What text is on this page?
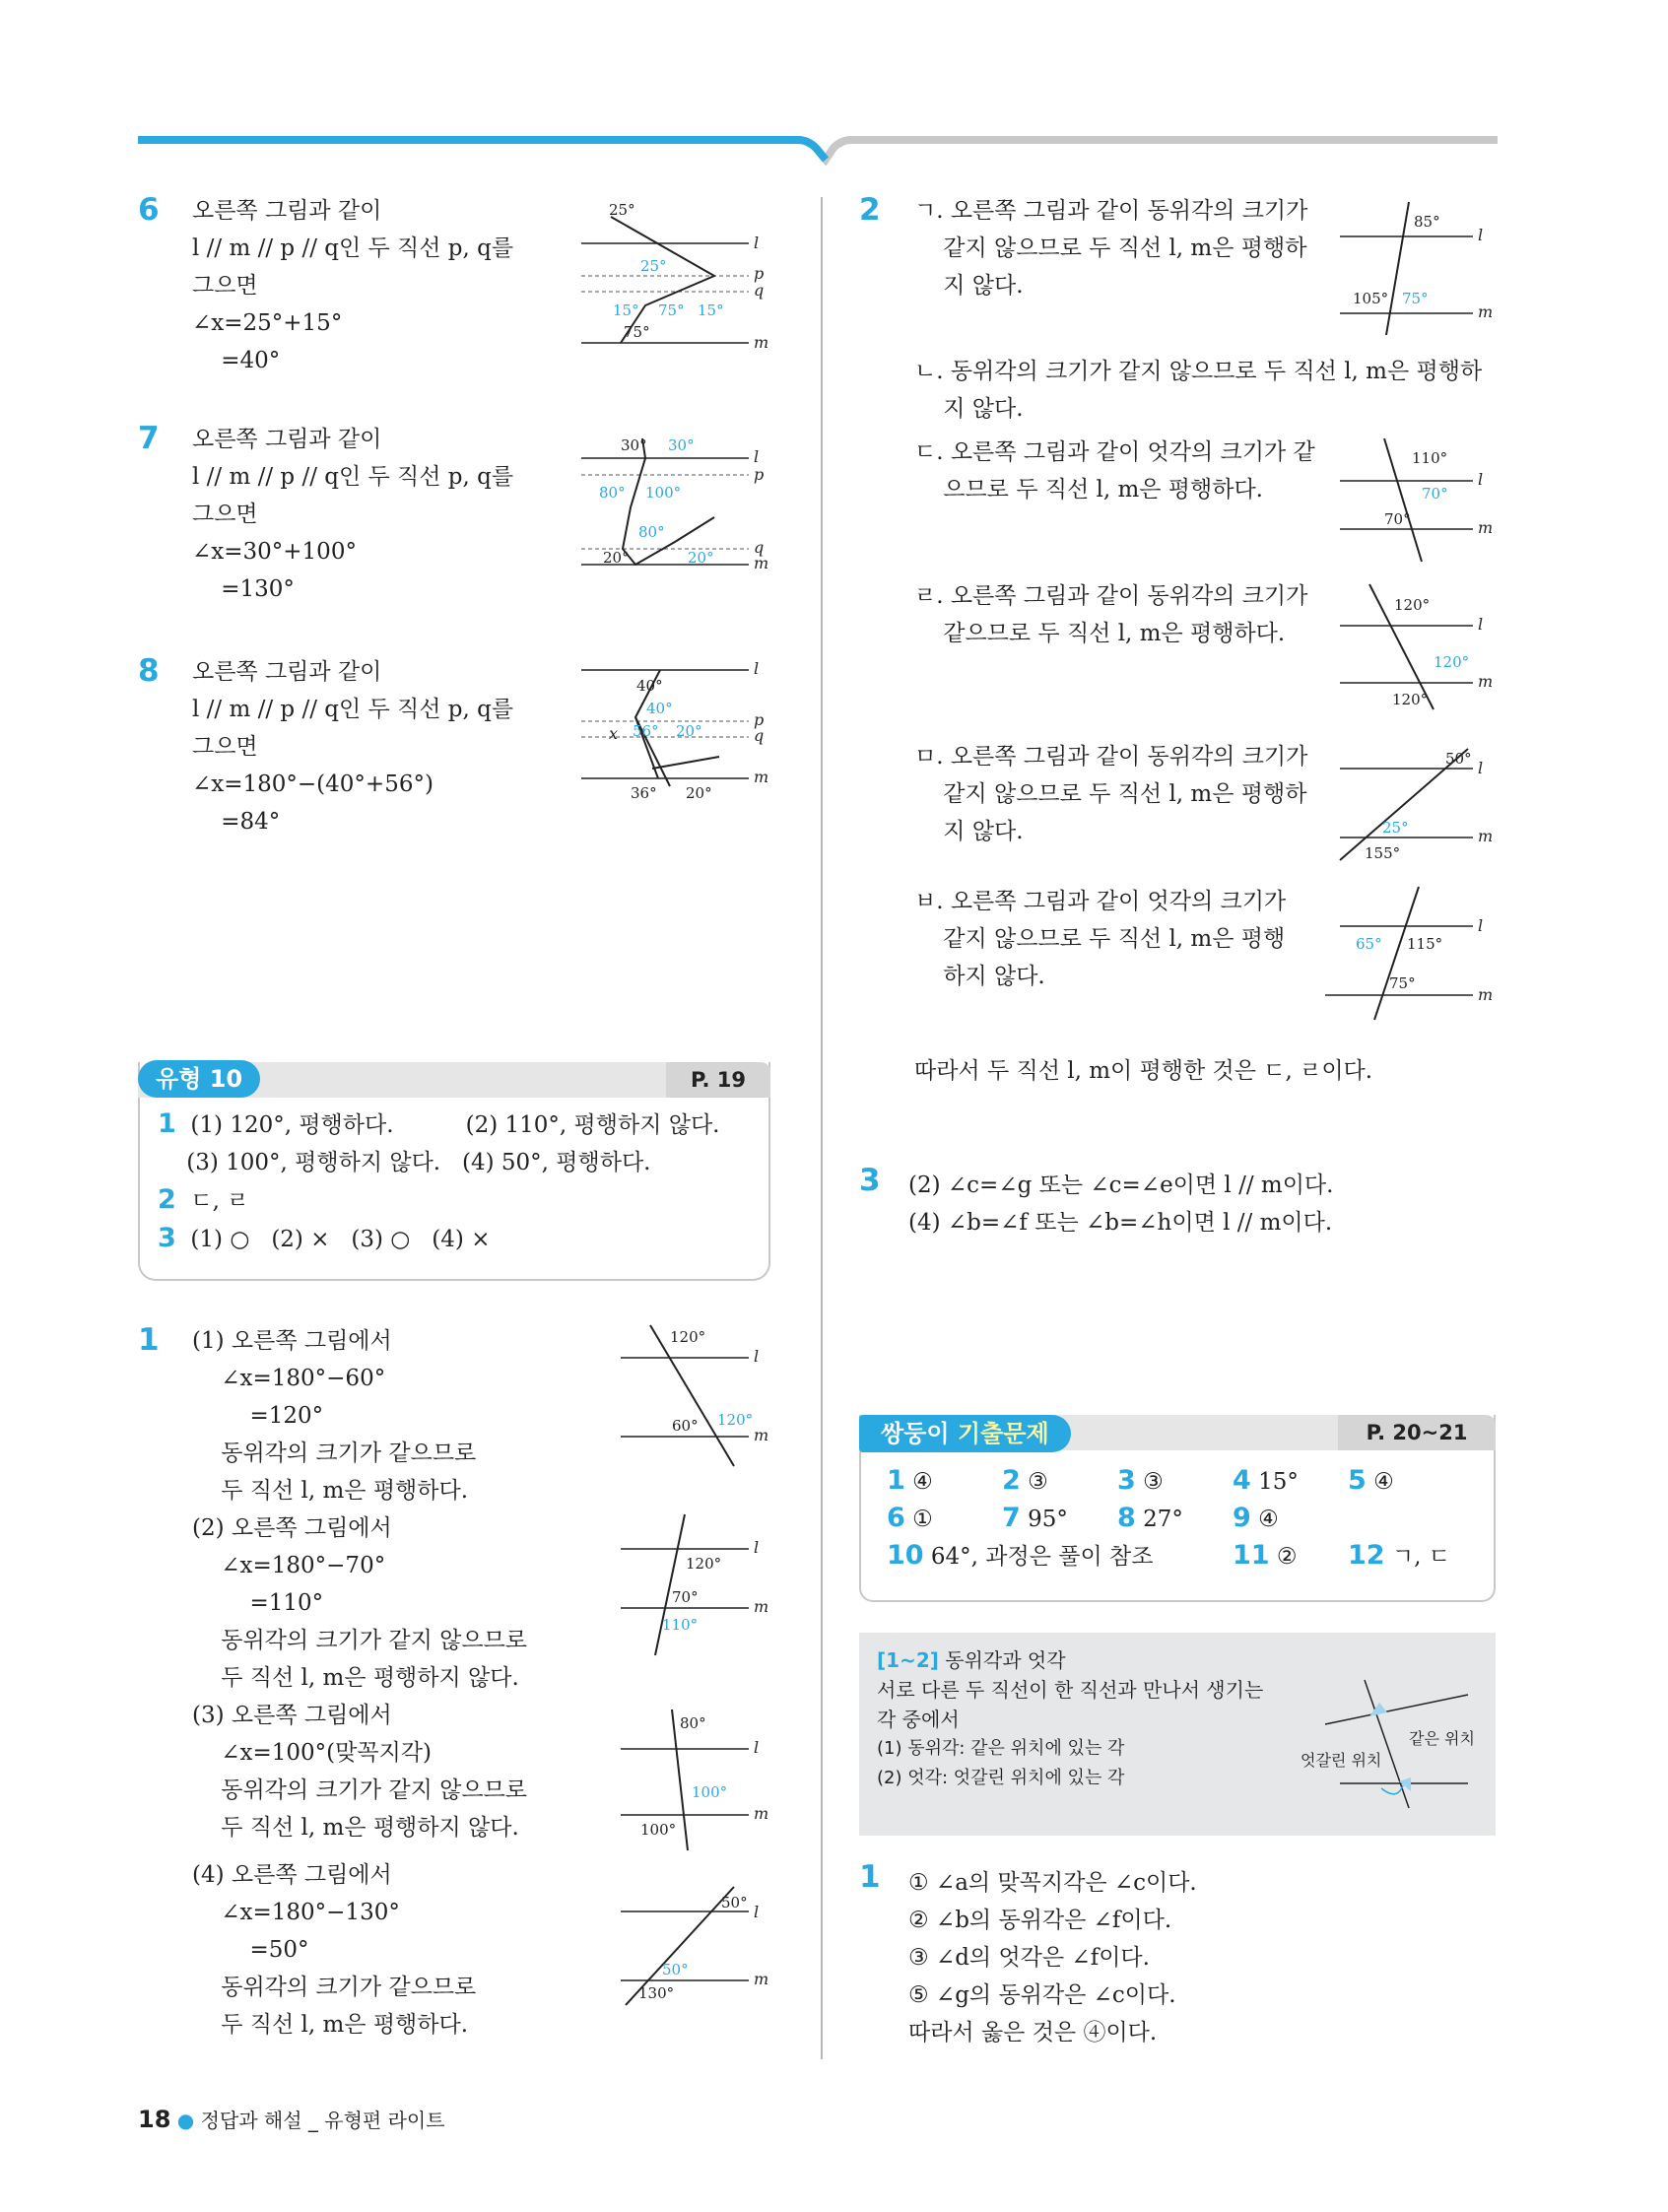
6 오른쪽 그림과 같이
l // m // p // q인 두 직선 p, q를
그으면
∠x=25°+15°
=40°
25°
25°
15° 75° 15°
75°
l
p
q
m
7 오른쪽 그림과 같이
l // m // p // q인 두 직선 p, q를
그으면
∠x=30°+100°
=130°
30° 30°
80° 100°
80°
20°	20°
l
p
q
m
8 오른쪽 그림과 같이
l // m // p // q인 두 직선 p, q를
그으면
∠x=180°−(40°+56°)
=84°
40°
40°
56° 20°
x
36° 20°
l
p
q
m
유형 10	P. 19
1 (1) 120°, 평행하다.          (2) 110°, 평행하지 않다.
(3) 100°, 평행하지 않다.   (4) 50°, 평행하다.
2 ㄷ, ㄹ
3 (1) ○   (2) ×   (3) ○   (4) ×
1 (1) 오른쪽 그림에서
∠x=180°−60°
=120°
동위각의 크기가 같으므로
두 직선 l, m은 평행하다.
(2) 오른쪽 그림에서
∠x=180°−70°
=110°
동위각의 크기가 같지 않으므로
두 직선 l, m은 평행하지 않다.
(3) 오른쪽 그림에서
∠x=100°(맞꼭지각)
동위각의 크기가 같지 않으므로
두 직선 l, m은 평행하지 않다.
(4) 오른쪽 그림에서
∠x=180°−130°
=50°
동위각의 크기가 같으므로
두 직선 l, m은 평행하다.
120°
60° 120°
l
m
120°
70°
110°
l
m
80°
100°
100°
l
m
50°
50°
130°
l
m
2 ㄱ. 오른쪽 그림과 같이 동위각의 크기가
같지 않으므로 두 직선 l, m은 평행하
지 않다.
ㄴ. 동위각의 크기가 같지 않으므로 두 직선 l, m은 평행하
지 않다.
ㄷ. 오른쪽 그림과 같이 엇각의 크기가 같
으므로 두 직선 l, m은 평행하다.
ㄹ. 오른쪽 그림과 같이 동위각의 크기가
같으므로 두 직선 l, m은 평행하다.
ㅁ. 오른쪽 그림과 같이 동위각의 크기가
같지 않으므로 두 직선 l, m은 평행하
지 않다.
ㅂ. 오른쪽 그림과 같이 엇각의 크기가
같지 않으므로 두 직선 l, m은 평행
하지 않다.
따라서 두 직선 l, m이 평행한 것은 ㄷ, ㄹ이다.
85°
105° 75°
l
m
110°
70°
70°
l
m
120°
120°
120°
l
m
50°
25°
155°
l
m
65° 115°
75°
l
m
3 (2) ∠c=∠g 또는 ∠c=∠e이면 l // m이다.
(4) ∠b=∠f 또는 ∠b=∠h이면 l // m이다.
쌍둥이 기출문제	P. 20~21
1 ④	2 ③	3 ③	4 15° 5 ④
6 ①	7 95° 8 27° 9 ④
10 64°, 과정은 풀이 참조	11 ② 12 ㄱ, ㄷ
[1~2] 동위각과 엇각
서로 다른 두 직선이 한 직선과 만나서 생기는
각 중에서
(1) 동위각: 같은 위치에 있는 각
(2) 엇각: 엇갈린 위치에 있는 각
같은 위치
엇갈린 위치
1 ① ∠a의 맞꼭지각은 ∠c이다.
② ∠b의 동위각은 ∠f이다.
③ ∠d의 엇각은 ∠f이다.
⑤ ∠g의 동위각은 ∠c이다.
따라서 옳은 것은 ④이다.
18 ● 정답과 해설 _ 유형편 라이트
